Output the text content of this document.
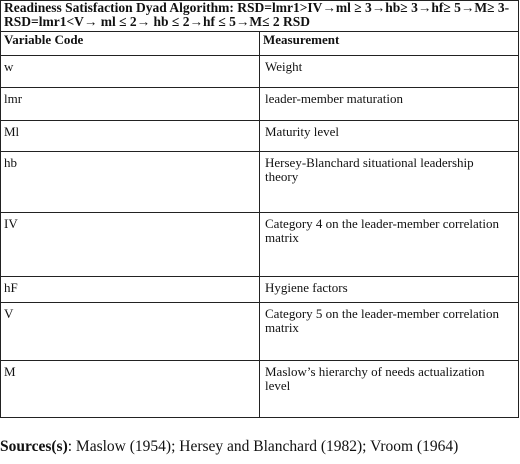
Readiness Satisfaction Dyad Algorithm: RSD=lmr1>IV→ml ≥ 3→hb≥ 3→hf≥ 5→M≥ 3- RSD=lmr1<V→ ml ≤ 2→ hb ≤ 2→hf ≤ 5→M≤ 2 RSD	
Variable Code	Measurement
w	Weight
lmr	leader-member maturation
Ml	Maturity level
hb	Hersey-Blanchard situational leadership theory
IV	Category 4 on the leader-member correlation matrix
hF	Hygiene factors
V	Category 5 on the leader-member correlation matrix
M	Maslow’s hierarchy of needs actualization level
Sources(s): Maslow (1954); Hersey and Blanchard (1982); Vroom (1964)
